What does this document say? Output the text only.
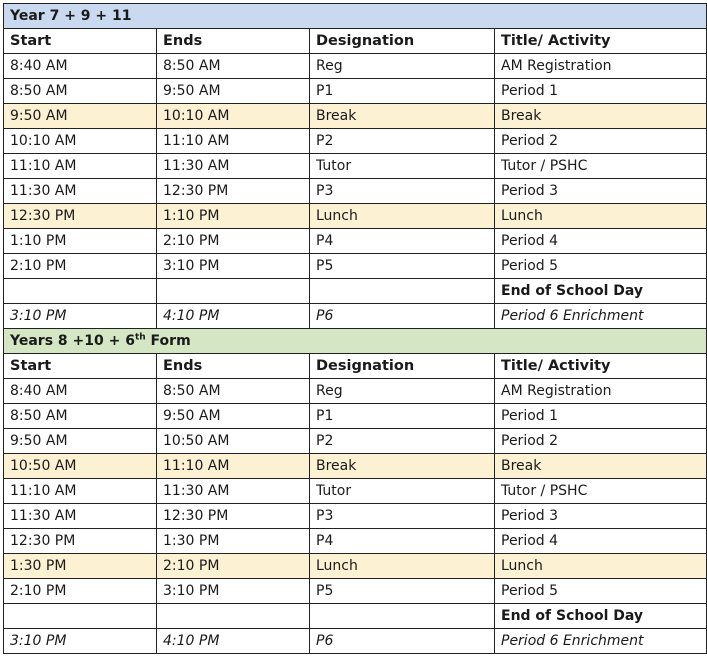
Year 7 + 9 + 11			
Start	Ends	Designation	Title/ Activity
8:40 AM	8:50 AM	Reg	AM Registration
8:50 AM	9:50 AM	P1	Period 1
9:50 AM	10:10 AM	Break	Break
10:10 AM	11:10 AM	P2	Period 2
11:10 AM	11:30 AM	Tutor	Tutor / PSHC
11:30 AM	12:30 PM	P3	Period 3
12:30 PM	1:10 PM	Lunch	Lunch
1:10 PM	2:10 PM	P4	Period 4
2:10 PM	3:10 PM	P5	Period 5
			End of School Day
3:10 PM	4:10 PM	P6	Period 6 Enrichment
Years 8 +10 + 6th Form			
Start	Ends	Designation	Title/ Activity
8:40 AM	8:50 AM	Reg	AM Registration
8:50 AM	9:50 AM	P1	Period 1
9:50 AM	10:50 AM	P2	Period 2
10:50 AM	11:10 AM	Break	Break
11:10 AM	11:30 AM	Tutor	Tutor / PSHC
11:30 AM	12:30 PM	P3	Period 3
12:30 PM	1:30 PM	P4	Period 4
1:30 PM	2:10 PM	Lunch	Lunch
2:10 PM	3:10 PM	P5	Period 5
			End of School Day
3:10 PM	4:10 PM	P6	Period 6 Enrichment
